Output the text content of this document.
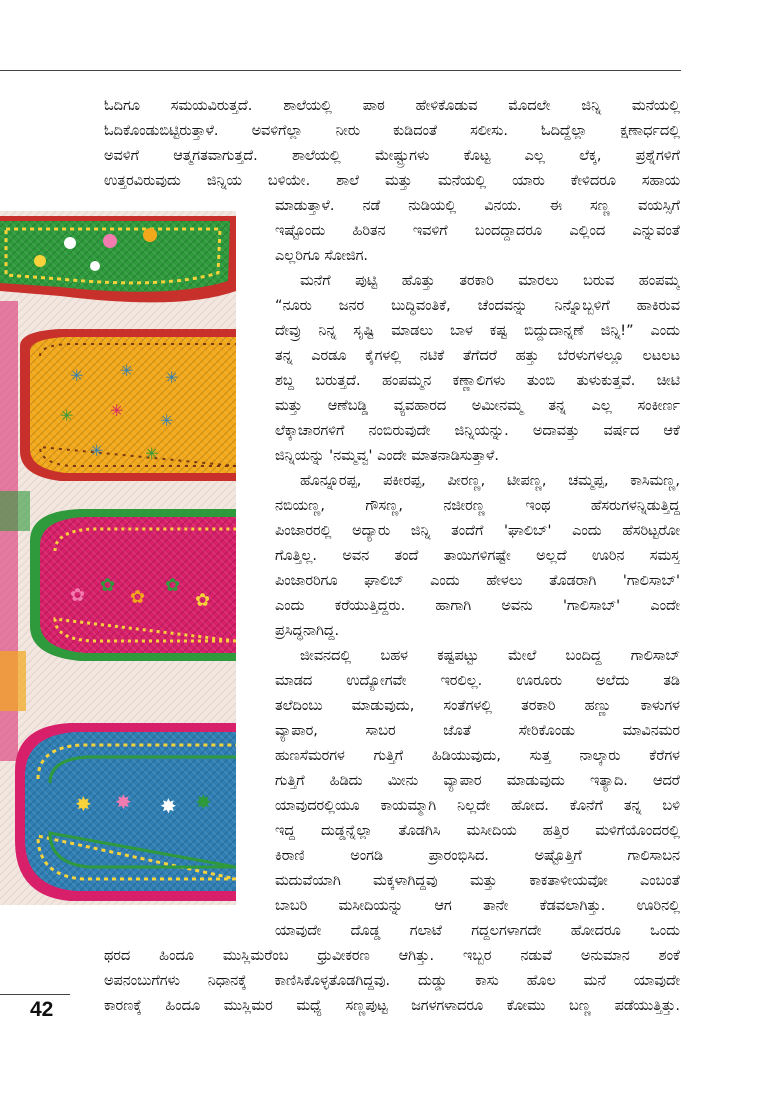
✳ ✳ ✳
✳ ✳
✳
✳	✳
✿ ✿
✿
✿
✿
✸ ✸ ✸ ✸
ಓದಿಗೂ ಸಮಯವಿರುತ್ತದೆ. ಶಾಲೆಯಲ್ಲಿ ಪಾಠ ಹೇಳಿಕೊಡುವ ಮೊದಲೇ ಜಿನ್ನಿ ಮನೆಯಲ್ಲಿ
ಓದಿಕೊಂಡುಬಿಟ್ಟಿರುತ್ತಾಳೆ. ಅವಳಿಗೆಲ್ಲಾ ನೀರು ಕುಡಿದಂತೆ ಸಲೀಸು. ಓದಿದ್ದೆಲ್ಲಾ ಕ್ಷಣಾರ್ಧದಲ್ಲಿ
ಅವಳಿಗೆ ಆತ್ಮಗತವಾಗುತ್ತದೆ. ಶಾಲೆಯಲ್ಲಿ ಮೇಷ್ಟ್ರುಗಳು ಕೊಟ್ಟ ಎಲ್ಲ ಲೆಕ್ಕ, ಪ್ರಶ್ನೆಗಳಿಗೆ
ಉತ್ತರವಿರುವುದು ಜಿನ್ನಿಯ ಬಳಿಯೇ. ಶಾಲೆ ಮತ್ತು ಮನೆಯಲ್ಲಿ ಯಾರು ಕೇಳಿದರೂ ಸಹಾಯ
ಮಾಡುತ್ತಾಳೆ. ನಡೆ ನುಡಿಯಲ್ಲಿ ವಿನಯ. ಈ ಸಣ್ಣ ವಯಸ್ಸಿಗೆ
ಇಷ್ಟೊಂದು ಹಿರಿತನ ಇವಳಿಗೆ ಬಂದದ್ದಾದರೂ ಎಲ್ಲಿಂದ ಎನ್ನುವಂತೆ
ಎಲ್ಲರಿಗೂ ಸೋಜಿಗ.
ಮನೆಗೆ ಪುಟ್ಟಿ ಹೊತ್ತು ತರಕಾರಿ ಮಾರಲು ಬರುವ ಹಂಪಮ್ಮ
“ನೂರು ಜನರ ಬುದ್ಧಿವಂತಿಕೆ, ಚೆಂದವನ್ನು ನಿನ್ನೊಬ್ಬಳಿಗೆ ಹಾಕಿರುವ
ದೇವ್ರು ನಿನ್ನ ಸೃಷ್ಟಿ ಮಾಡಲು ಬಾಳ ಕಷ್ಟ ಬಿದ್ದುದಾನ್ನಣೆ ಜಿನ್ನಿ!” ಎಂದು
ತನ್ನ ಎರಡೂ ಕೈಗಳಲ್ಲಿ ನಟಿಕೆ ತೆಗೆದರೆ ಹತ್ತು ಬೆರಳುಗಳಲ್ಲೂ ಲಟಲಟ
ಶಬ್ದ ಬರುತ್ತದೆ. ಹಂಪಮ್ಮನ ಕಣ್ಣಾಲಿಗಳು ತುಂಬಿ ತುಳುಕುತ್ತವೆ. ಚೀಟಿ
ಮತ್ತು ಆಣೆಬಡ್ಡಿ ವ್ಯವಹಾರದ ಅಮೀನಮ್ಮ ತನ್ನ ಎಲ್ಲ ಸಂಕೀರ್ಣ
ಲೆಕ್ಕಾಚಾರಗಳಿಗೆ ನಂಬಿರುವುದೇ ಜಿನ್ನಿಯನ್ನು. ಅದಾವತ್ತು ವರ್ಷದ ಆಕೆ
ಜಿನ್ನಿಯನ್ನು 'ನಮ್ಮವ್ವ' ಎಂದೇ ಮಾತನಾಡಿಸುತ್ತಾಳೆ.
ಹೊನ್ನೂರಪ್ಪ, ಪಕೀರಪ್ಪ, ಪೀರಣ್ಣ, ಟೀಪಣ್ಣ, ಚಮ್ಮಪ್ಪ, ಕಾಸಿಮಣ್ಣ,
ನಬಿಯಣ್ಣ, ಗೌಸಣ್ಣ, ನಜೀರಣ್ಣ ಇಂಥ ಹೆಸರುಗಳನ್ನಿಡುತ್ತಿದ್ದ
ಪಿಂಜಾರರಲ್ಲಿ ಅದ್ಯಾರು ಜಿನ್ನಿ ತಂದೆಗೆ 'ಘಾಲಿಬ್' ಎಂದು ಹೆಸರಿಟ್ಟರೋ
ಗೊತ್ತಿಲ್ಲ. ಅವನ ತಂದೆ ತಾಯಿಗಳಿಗಷ್ಟೇ ಅಲ್ಲದೆ ಊರಿನ ಸಮಸ್ತ
ಪಿಂಜಾರರಿಗೂ ಘಾಲಿಬ್ ಎಂದು ಹೇಳಲು ತೊಡರಾಗಿ 'ಗಾಲಿಸಾಬ್'
ಎಂದು ಕರೆಯುತ್ತಿದ್ದರು. ಹಾಗಾಗಿ ಅವನು 'ಗಾಲಿಸಾಬ್' ಎಂದೇ
ಪ್ರಸಿದ್ಧನಾಗಿದ್ದ.
ಜೀವನದಲ್ಲಿ ಬಹಳ ಕಷ್ಟಪಟ್ಟು ಮೇಲೆ ಬಂದಿದ್ದ ಗಾಲಿಸಾಬ್
ಮಾಡದ ಉದ್ಯೋಗವೇ ಇರಲಿಲ್ಲ. ಊರೂರು ಅಲೆದು ತಡಿ
ತಲೆದಿಂಬು ಮಾಡುವುದು, ಸಂತೆಗಳಲ್ಲಿ ತರಕಾರಿ ಹಣ್ಣು ಕಾಳುಗಳ
ವ್ಯಾಪಾರ, ಸಾಬರ ಜೊತೆ ಸೇರಿಕೊಂಡು ಮಾವಿನಮರ
ಹುಣಸೆಮರಗಳ ಗುತ್ತಿಗೆ ಹಿಡಿಯುವುದು, ಸುತ್ತ ನಾಲ್ಕಾರು ಕೆರೆಗಳ
ಗುತ್ತಿಗೆ ಹಿಡಿದು ಮೀನು ವ್ಯಾಪಾರ ಮಾಡುವುದು ಇತ್ಯಾದಿ. ಆದರೆ
ಯಾವುದರಲ್ಲಿಯೂ ಕಾಯಮ್ಮಾಗಿ ನಿಲ್ಲದೇ ಹೋದ. ಕೊನೆಗೆ ತನ್ನ ಬಳಿ
ಇದ್ದ ದುಡ್ಡನ್ನೆಲ್ಲಾ ತೊಡಗಿಸಿ ಮಸೀದಿಯ ಹತ್ತಿರ ಮಳಿಗೆಯೊಂದರಲ್ಲಿ
ಕಿರಾಣಿ ಅಂಗಡಿ ಪ್ರಾರಂಭಿಸಿದ. ಅಷ್ಟೊತ್ತಿಗೆ ಗಾಲಿಸಾಬನ
ಮದುವೆಯಾಗಿ ಮಕ್ಕಳಾಗಿದ್ದವು ಮತ್ತು ಕಾಕತಾಳೀಯವೋ ಎಂಬಂತೆ
ಬಾಬರಿ ಮಸೀದಿಯನ್ನು ಆಗ ತಾನೇ ಕೆಡವಲಾಗಿತ್ತು. ಊರಿನಲ್ಲಿ
ಯಾವುದೇ ದೊಡ್ಡ ಗಲಾಟೆ ಗದ್ದಲಗಳಾಗದೇ ಹೋದರೂ ಒಂದು
ಥರದ ಹಿಂದೂ ಮುಸ್ಲಿಮರೆಂಬ ಧ್ರುವೀಕರಣ ಆಗಿತ್ತು. ಇಬ್ಬರ ನಡುವೆ ಅನುಮಾನ ಶಂಕೆ
ಅಪನಂಬುಗೆಗಳು ನಿಧಾನಕ್ಕೆ ಕಾಣಿಸಿಕೊಳ್ಳತೊಡಗಿದ್ದವು. ದುಡ್ಡು ಕಾಸು ಹೊಲ ಮನೆ ಯಾವುದೇ
ಕಾರಣಕ್ಕೆ ಹಿಂದೂ ಮುಸ್ಲಿಮರ ಮಧ್ಯೆ ಸಣ್ಣಪುಟ್ಟ ಜಗಳಗಳಾದರೂ ಕೋಮು ಬಣ್ಣ ಪಡೆಯುತ್ತಿತ್ತು.
42
